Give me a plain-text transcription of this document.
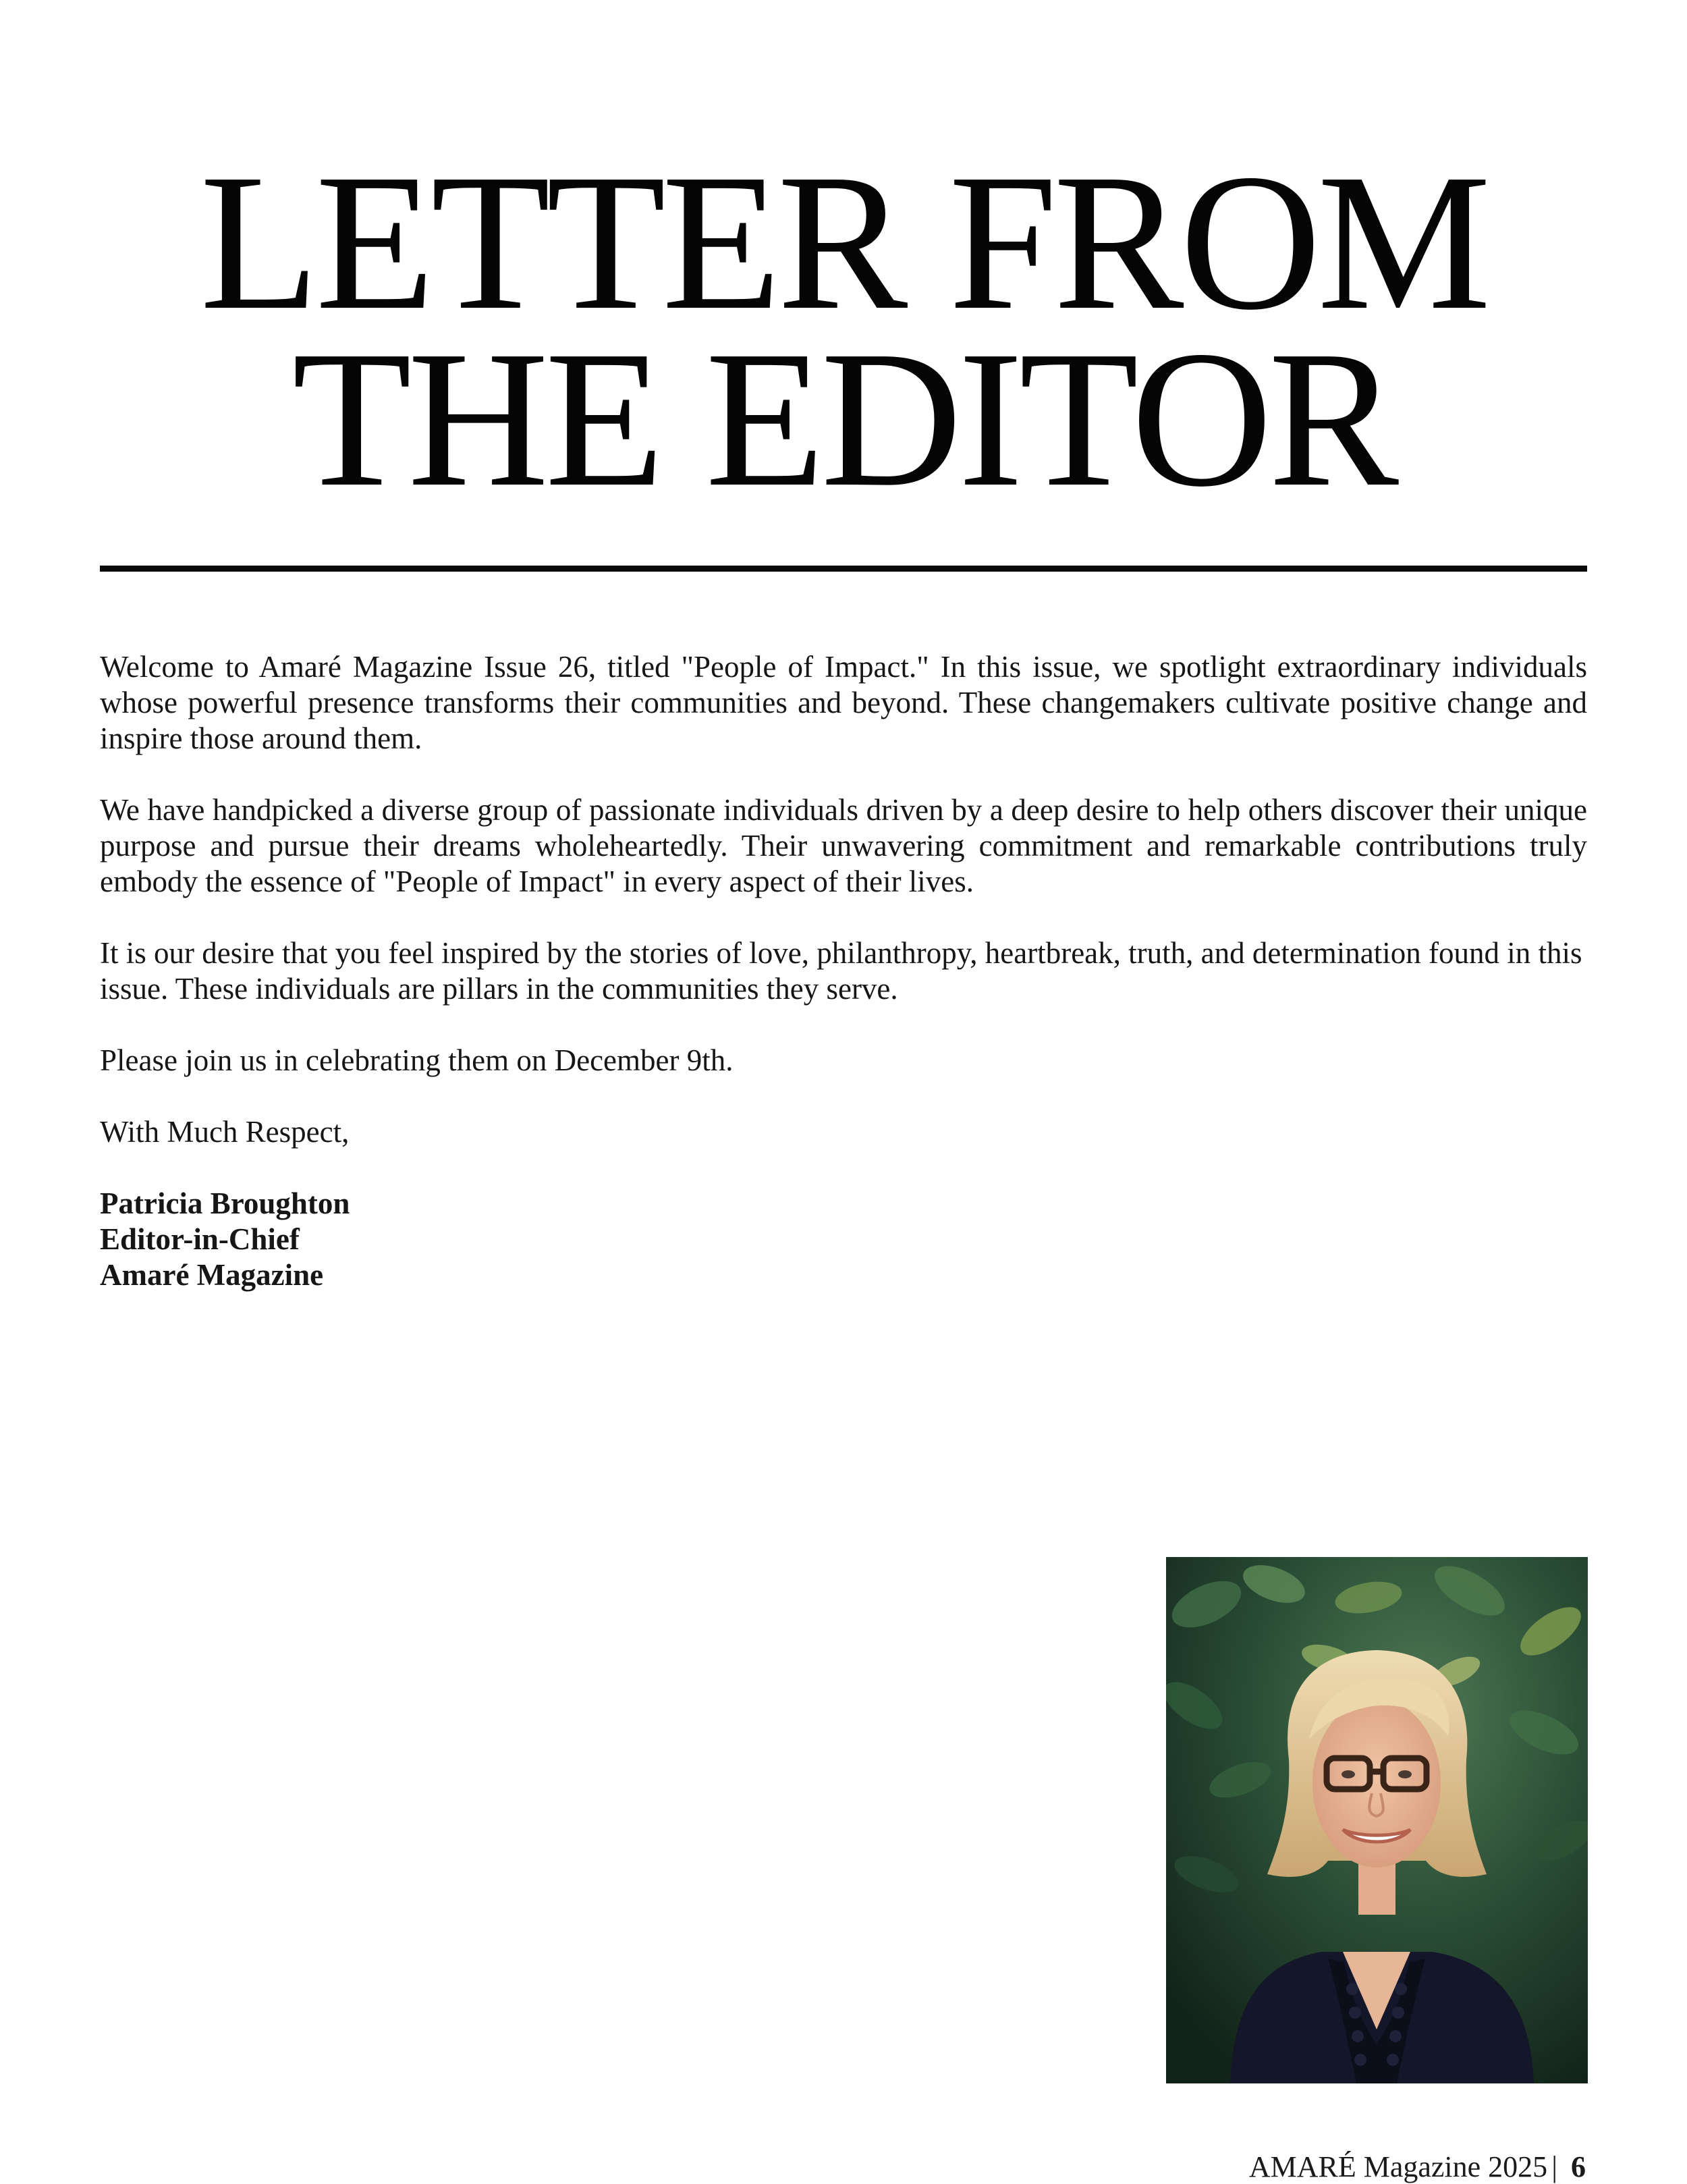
LETTER FROM
THE EDITOR

Welcome to Amaré Magazine Issue 26, titled "People of Impact." In this issue, we spotlight extraordinary individuals whose powerful presence transforms their communities and beyond. These changemakers cultivate positive change and inspire those around them.

We have handpicked a diverse group of passionate individuals driven by a deep desire to help others discover their unique purpose and pursue their dreams wholeheartedly. Their unwavering commitment and remarkable contributions truly embody the essence of "People of Impact" in every aspect of their lives.

It is our desire that you feel inspired by the stories of love, philanthropy, heartbreak, truth, and determination found in this issue. These individuals are pillars in the communities they serve.

Please join us in celebrating them on December 9th.

With Much Respect,

Patricia Broughton
Editor-in-Chief
Amaré Magazine
AMARÉ Magazine 2025 | 6
